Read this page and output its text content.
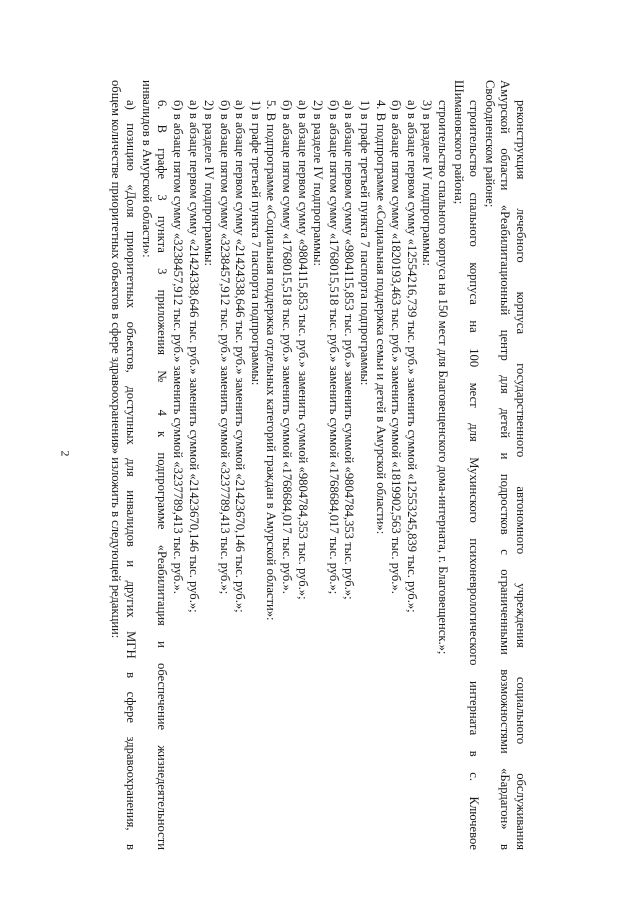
2	реконструкция лечебного корпуса государственного автономного учреждения социального обслуживания
Амурской области «Реабилитационный центр для детей и подростков с ограниченными возможностями «Бардагон» в
Свободненском районе;
строительство спального корпуса на 100 мест для Мухинского психоневрологического интерната в с. Ключевое
Шимановского района;
строительство спального корпуса на 150 мест для Благовещенского дома-интерната, г. Благовещенск.»;
3) в разделе IV подпрограммы:
а) в абзаце первом сумму «12554216,739 тыс. руб.» заменить суммой «12553245,839 тыс. руб.»;
б) в абзаце пятом сумму «1820193,463 тыс. руб.» заменить суммой «1819902,563 тыс. руб.».
4. В подпрограмме «Социальная поддержка семьи и детей в Амурской области»:
1) в графе третьей пункта 7 паспорта подпрограммы:
а) в абзаце первом сумму «9804115,853 тыс. руб.» заменить суммой «9804784,353 тыс. руб.»;
б) в абзаце пятом сумму «1768015,518 тыс. руб.» заменить суммой «1768684,017 тыс. руб.»;
2) в разделе IV подпрограммы:
а) в абзаце первом сумму «9804115,853 тыс. руб.» заменить суммой «9804784,353 тыс. руб.»;
б) в абзаце пятом сумму «1768015,518 тыс. руб.» заменить суммой «1768684,017 тыс. руб.».
5. В подпрограмме «Социальная поддержка отдельных категорий граждан в Амурской области»:
1) в графе третьей пункта 7 паспорта подпрограммы:
а) в абзаце первом сумму «21424338,646 тыс. руб.» заменить суммой «21423670,146 тыс. руб.»;
б) в абзаце пятом сумму «3238457,912 тыс. руб.» заменить суммой «3237789,413 тыс. руб.»;
2) в разделе IV подпрограммы:
а) в абзаце первом сумму «21424338,646 тыс. руб.» заменить суммой «21423670,146 тыс. руб.»;
б) в абзаце пятом сумму «3238457,912 тыс. руб.» заменить суммой «3237789,413 тыс. руб.».
6. В графе 3 пункта 3 приложения № 4 к подпрограмме «Реабилитация и обеспечение жизнедеятельности
инвалидов в Амурской области»:
а) позицию «Доля приоритетных объектов, доступных для инвалидов и других МГН в сфере здравоохранения, в
общем количестве приоритетных объектов в сфере здравоохранения» изложить в следующей редакции:
